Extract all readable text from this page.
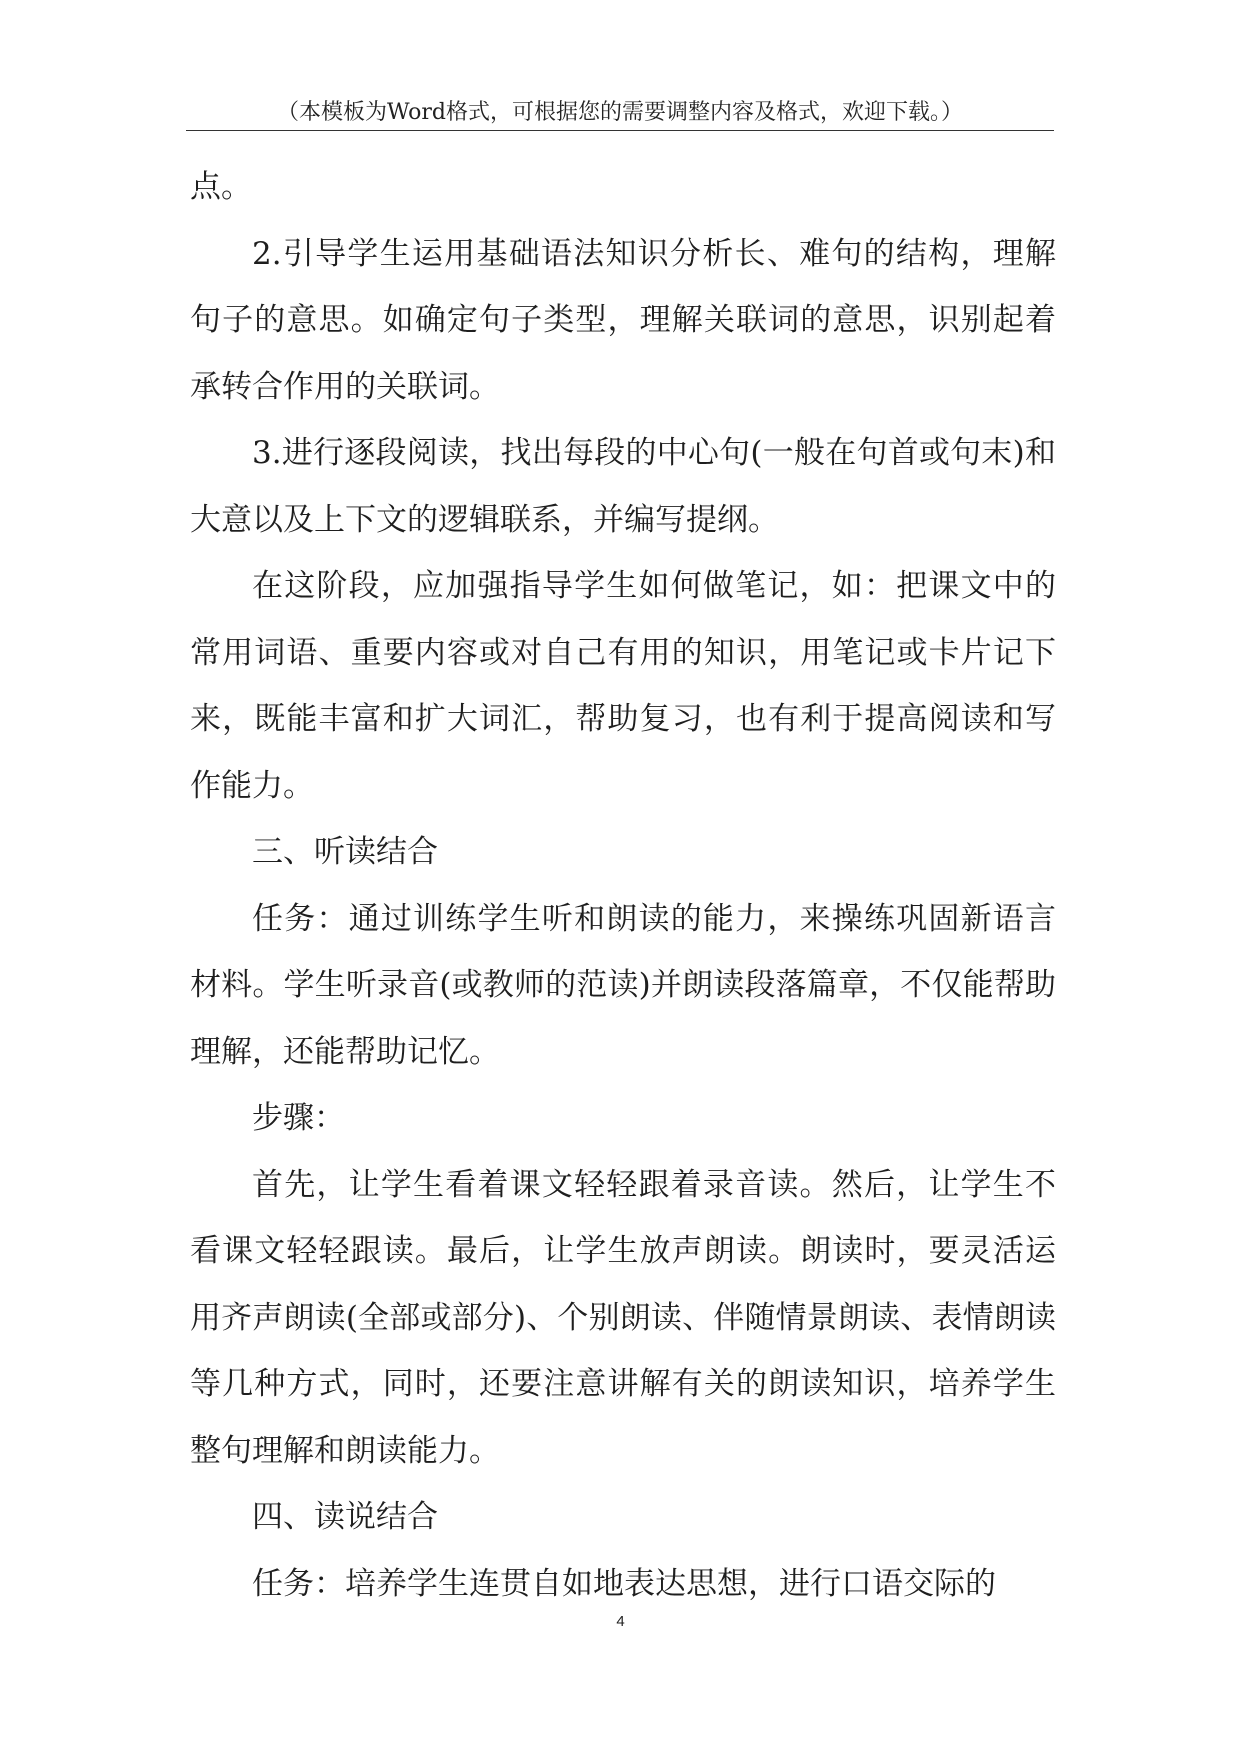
（本模板为Word格式，可根据您的需要调整内容及格式，欢迎下载。）

点。

2.引导学生运用基础语法知识分析长、难句的结构，理解句子的意思。如确定句子类型，理解关联词的意思，识别起着承转合作用的关联词。

3.进行逐段阅读，找出每段的中心句(一般在句首或句末)和大意以及上下文的逻辑联系，并编写提纲。

在这阶段，应加强指导学生如何做笔记，如：把课文中的常用词语、重要内容或对自己有用的知识，用笔记或卡片记下来，既能丰富和扩大词汇，帮助复习，也有利于提高阅读和写作能力。

三、听读结合

任务：通过训练学生听和朗读的能力，来操练巩固新语言材料。学生听录音(或教师的范读)并朗读段落篇章，不仅能帮助理解，还能帮助记忆。

步骤：

首先，让学生看着课文轻轻跟着录音读。然后，让学生不看课文轻轻跟读。最后，让学生放声朗读。朗读时，要灵活运用齐声朗读(全部或部分)、个别朗读、伴随情景朗读、表情朗读等几种方式，同时，还要注意讲解有关的朗读知识，培养学生整句理解和朗读能力。

四、读说结合

任务：培养学生连贯自如地表达思想，进行口语交际的

4
